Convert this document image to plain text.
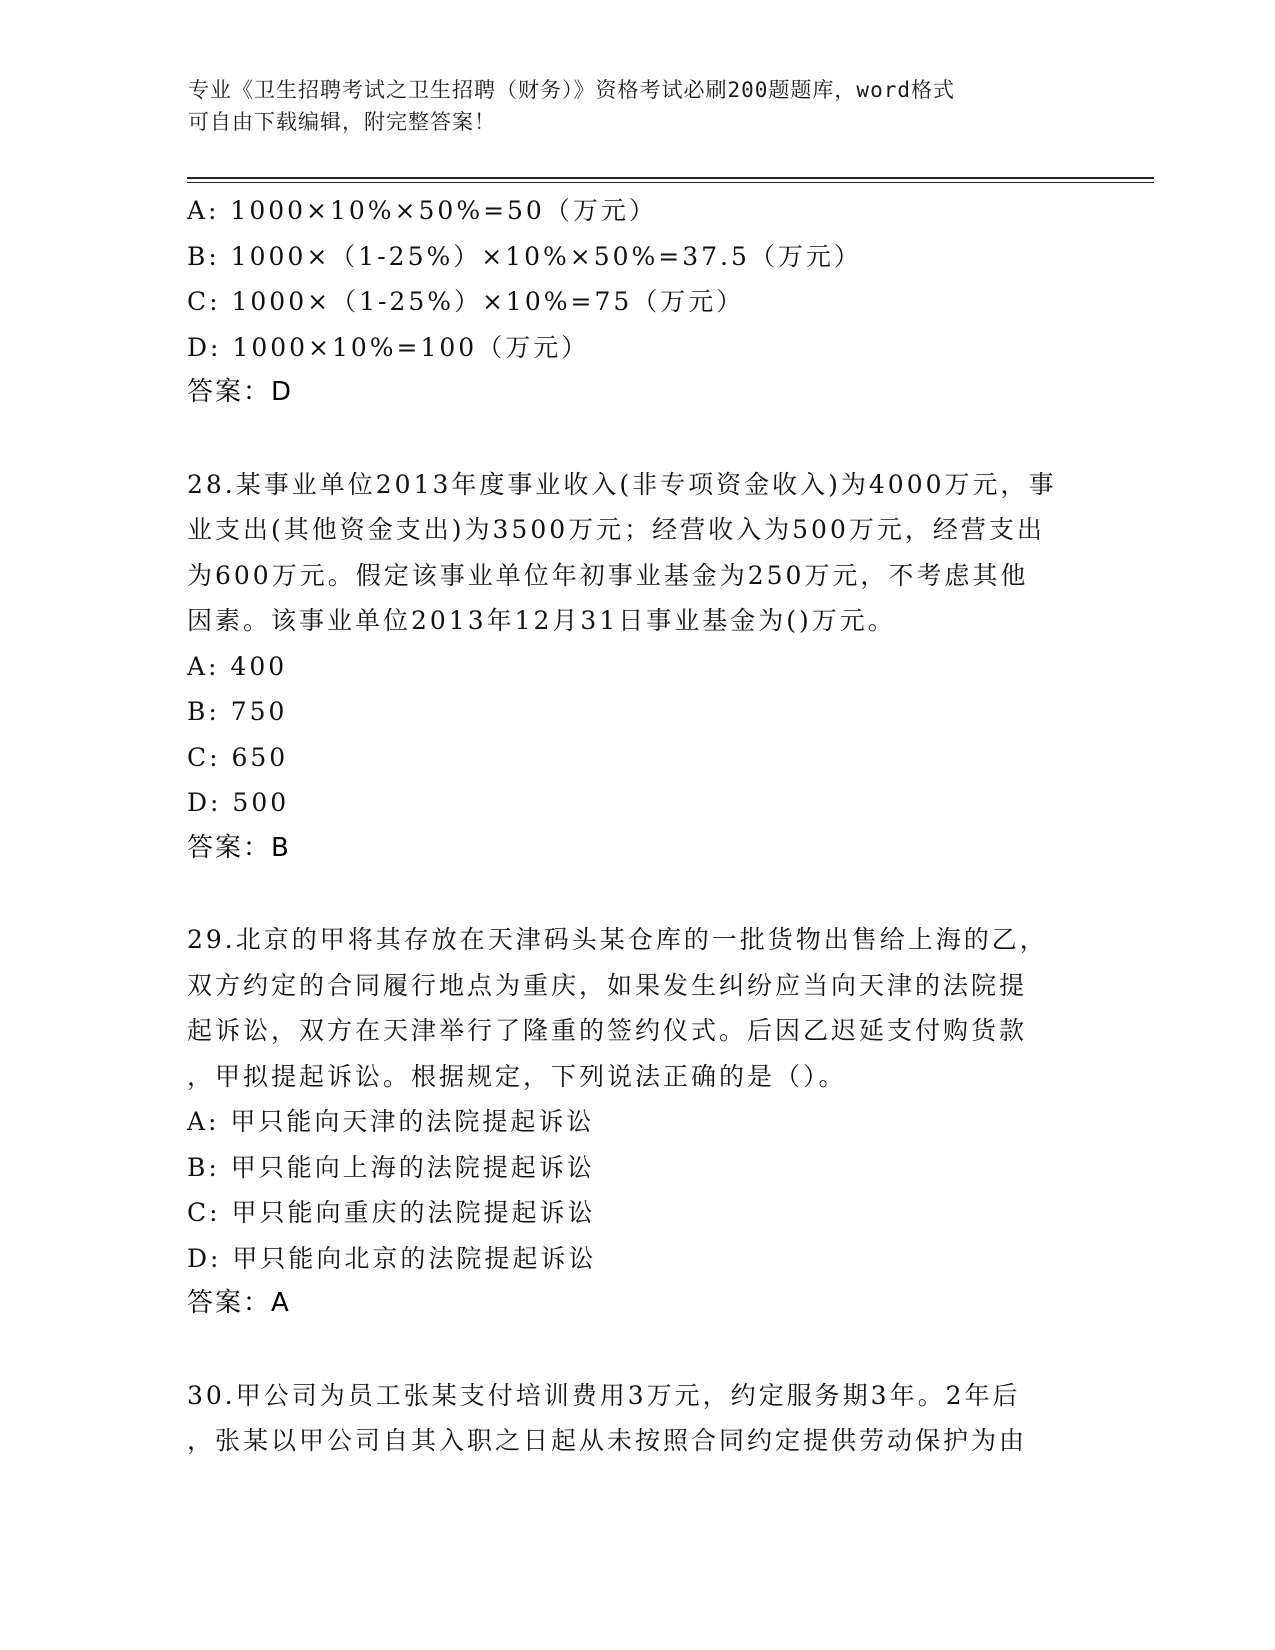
专业《卫生招聘考试之卫生招聘（财务）》资格考试必刷200题题库，word格式
可自由下载编辑，附完整答案！
A: 1000×10%×50%=50（万元）
B: 1000×（1-25%）×10%×50%=37.5（万元）
C: 1000×（1-25%）×10%=75（万元）
D: 1000×10%=100（万元）
答案：D
28.某事业单位2013年度事业收入(非专项资金收入)为4000万元，事
业支出(其他资金支出)为3500万元；经营收入为500万元，经营支出
为600万元。假定该事业单位年初事业基金为250万元，不考虑其他
因素。该事业单位2013年12月31日事业基金为()万元。
A: 400
B: 750
C: 650
D: 500
答案：B
29.北京的甲将其存放在天津码头某仓库的一批货物出售给上海的乙，
双方约定的合同履行地点为重庆，如果发生纠纷应当向天津的法院提
起诉讼，双方在天津举行了隆重的签约仪式。后因乙迟延支付购货款
，甲拟提起诉讼。根据规定，下列说法正确的是（）。
A: 甲只能向天津的法院提起诉讼
B: 甲只能向上海的法院提起诉讼
C: 甲只能向重庆的法院提起诉讼
D: 甲只能向北京的法院提起诉讼
答案：A
30.甲公司为员工张某支付培训费用3万元，约定服务期3年。2年后
，张某以甲公司自其入职之日起从未按照合同约定提供劳动保护为由
